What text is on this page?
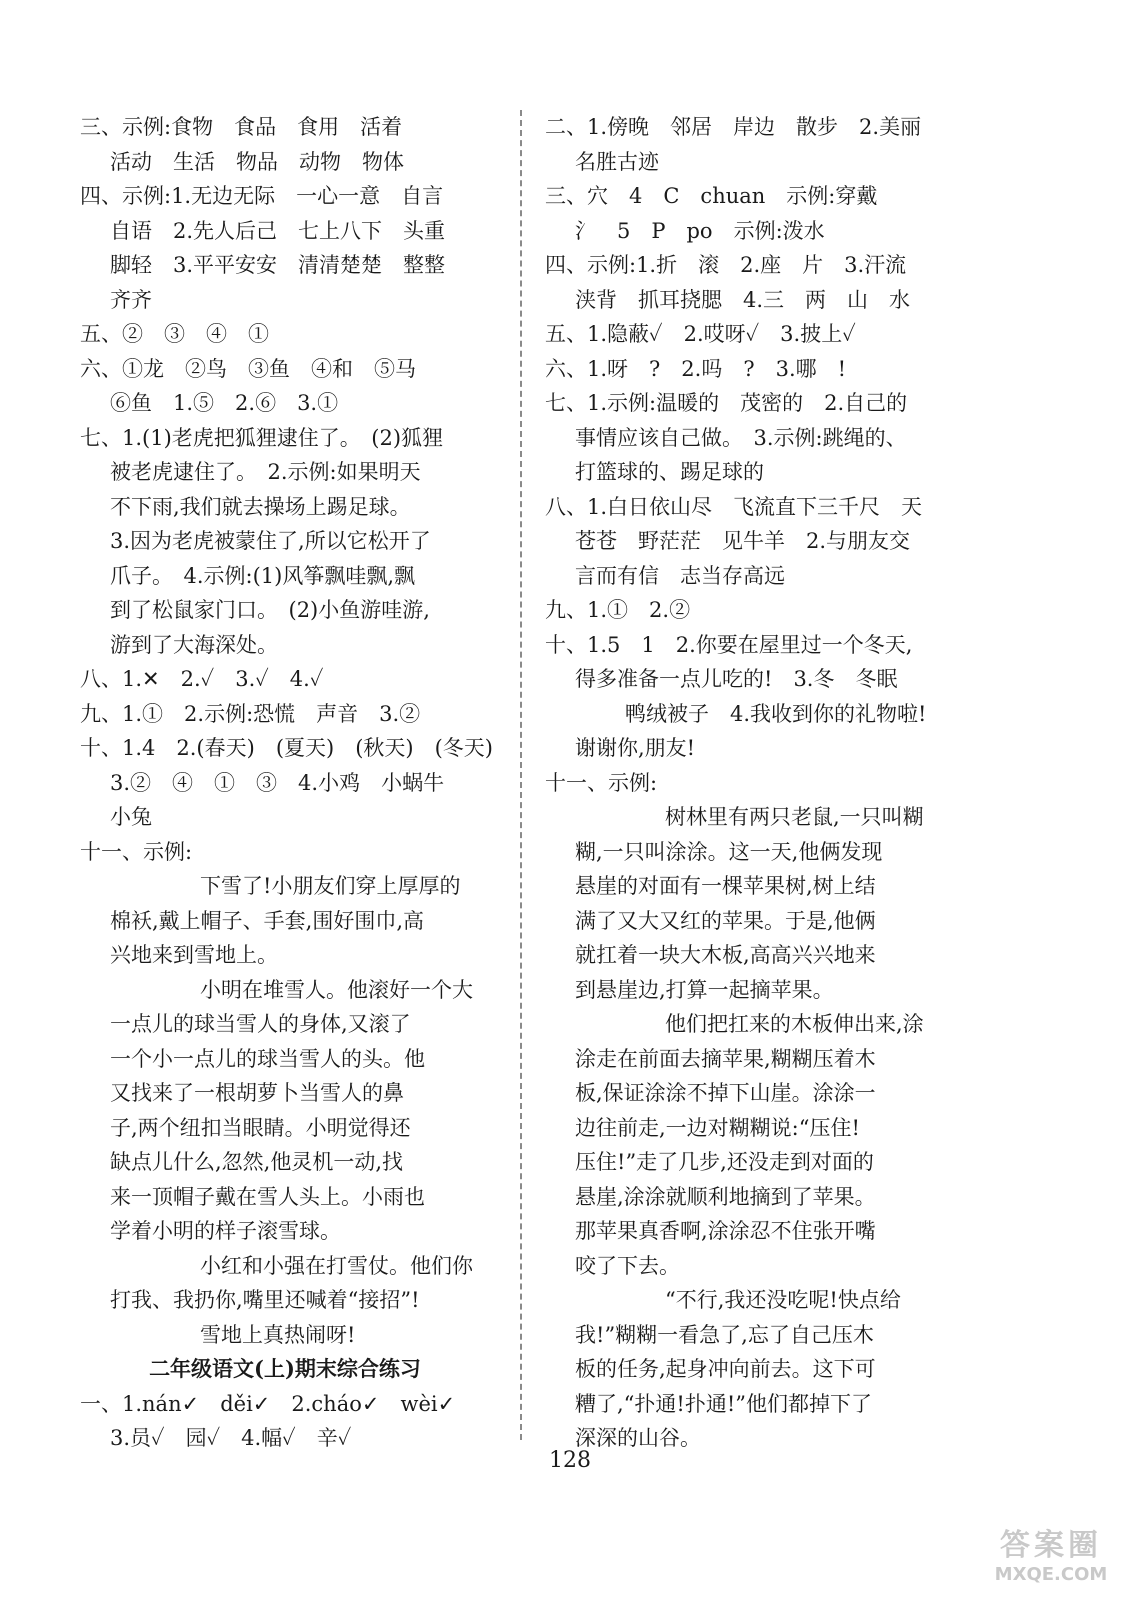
三、示例:食物　食品　食用　活着
活动　生活　物品　动物　物体
四、示例:1.无边无际　一心一意　自言
自语　2.先人后己　七上八下　头重
脚轻　3.平平安安　清清楚楚　整整
齐齐
五、②　③　④　①
六、①龙　②鸟　③鱼　④和　⑤马
⑥鱼　1.⑤　2.⑥　3.①
七、1.(1)老虎把狐狸逮住了。　(2)狐狸
被老虎逮住了。　2.示例:如果明天
不下雨,我们就去操场上踢足球。
3.因为老虎被蒙住了,所以它松开了
爪子。　4.示例:(1)风筝飘哇飘,飘
到了松鼠家门口。　(2)小鱼游哇游,
游到了大海深处。
八、1.✕　2.✓　3.✓　4.✓
九、1.①　2.示例:恐慌　声音　3.②
十、1.4　2.(春天)　(夏天)　(秋天)　(冬天)
3.②　④　①　③　4.小鸡　小蜗牛
小兔
十一、示例:
下雪了!小朋友们穿上厚厚的
棉袄,戴上帽子、手套,围好围巾,高
兴地来到雪地上。
小明在堆雪人。他滚好一个大
一点儿的球当雪人的身体,又滚了
一个小一点儿的球当雪人的头。他
又找来了一根胡萝卜当雪人的鼻
子,两个纽扣当眼睛。小明觉得还
缺点儿什么,忽然,他灵机一动,找
来一顶帽子戴在雪人头上。小雨也
学着小明的样子滚雪球。
小红和小强在打雪仗。他们你
打我、我扔你,嘴里还喊着“接招”!
雪地上真热闹呀!
二年级语文(上)期末综合练习
一、1.nán✓　děi✓　2.cháo✓　wèi✓
3.员✓　园✓　4.幅✓　辛✓
二、1.傍晚　邻居　岸边　散步　2.美丽
名胜古迹
三、穴　4　C　chuan　示例:穿戴
氵　5　P　po　示例:泼水
四、示例:1.折　滚　2.座　片　3.汗流
浃背　抓耳挠腮　4.三　两　山　水
五、1.隐蔽✓　2.哎呀✓　3.披上✓
六、1.呀　?　2.吗　?　3.哪　!
七、1.示例:温暖的　茂密的　2.自己的
事情应该自己做。　3.示例:跳绳的、
打篮球的、踢足球的
八、1.白日依山尽　飞流直下三千尺　天
苍苍　野茫茫　见牛羊　2.与朋友交
言而有信　志当存高远
九、1.①　2.②
十、1.5　1　2.你要在屋里过一个冬天,
得多准备一点儿吃的!　3.冬　冬眠
鸭绒被子　4.我收到你的礼物啦!
谢谢你,朋友!
十一、示例:
树林里有两只老鼠,一只叫糊
糊,一只叫涂涂。这一天,他俩发现
悬崖的对面有一棵苹果树,树上结
满了又大又红的苹果。于是,他俩
就扛着一块大木板,高高兴兴地来
到悬崖边,打算一起摘苹果。
他们把扛来的木板伸出来,涂
涂走在前面去摘苹果,糊糊压着木
板,保证涂涂不掉下山崖。涂涂一
边往前走,一边对糊糊说:“压住!
压住!”走了几步,还没走到对面的
悬崖,涂涂就顺利地摘到了苹果。
那苹果真香啊,涂涂忍不住张开嘴
咬了下去。
“不行,我还没吃呢!快点给
我!”糊糊一看急了,忘了自己压木
板的任务,起身冲向前去。这下可
糟了,“扑通!扑通!”他们都掉下了
深深的山谷。
128
答案圈
MXQE.COM
